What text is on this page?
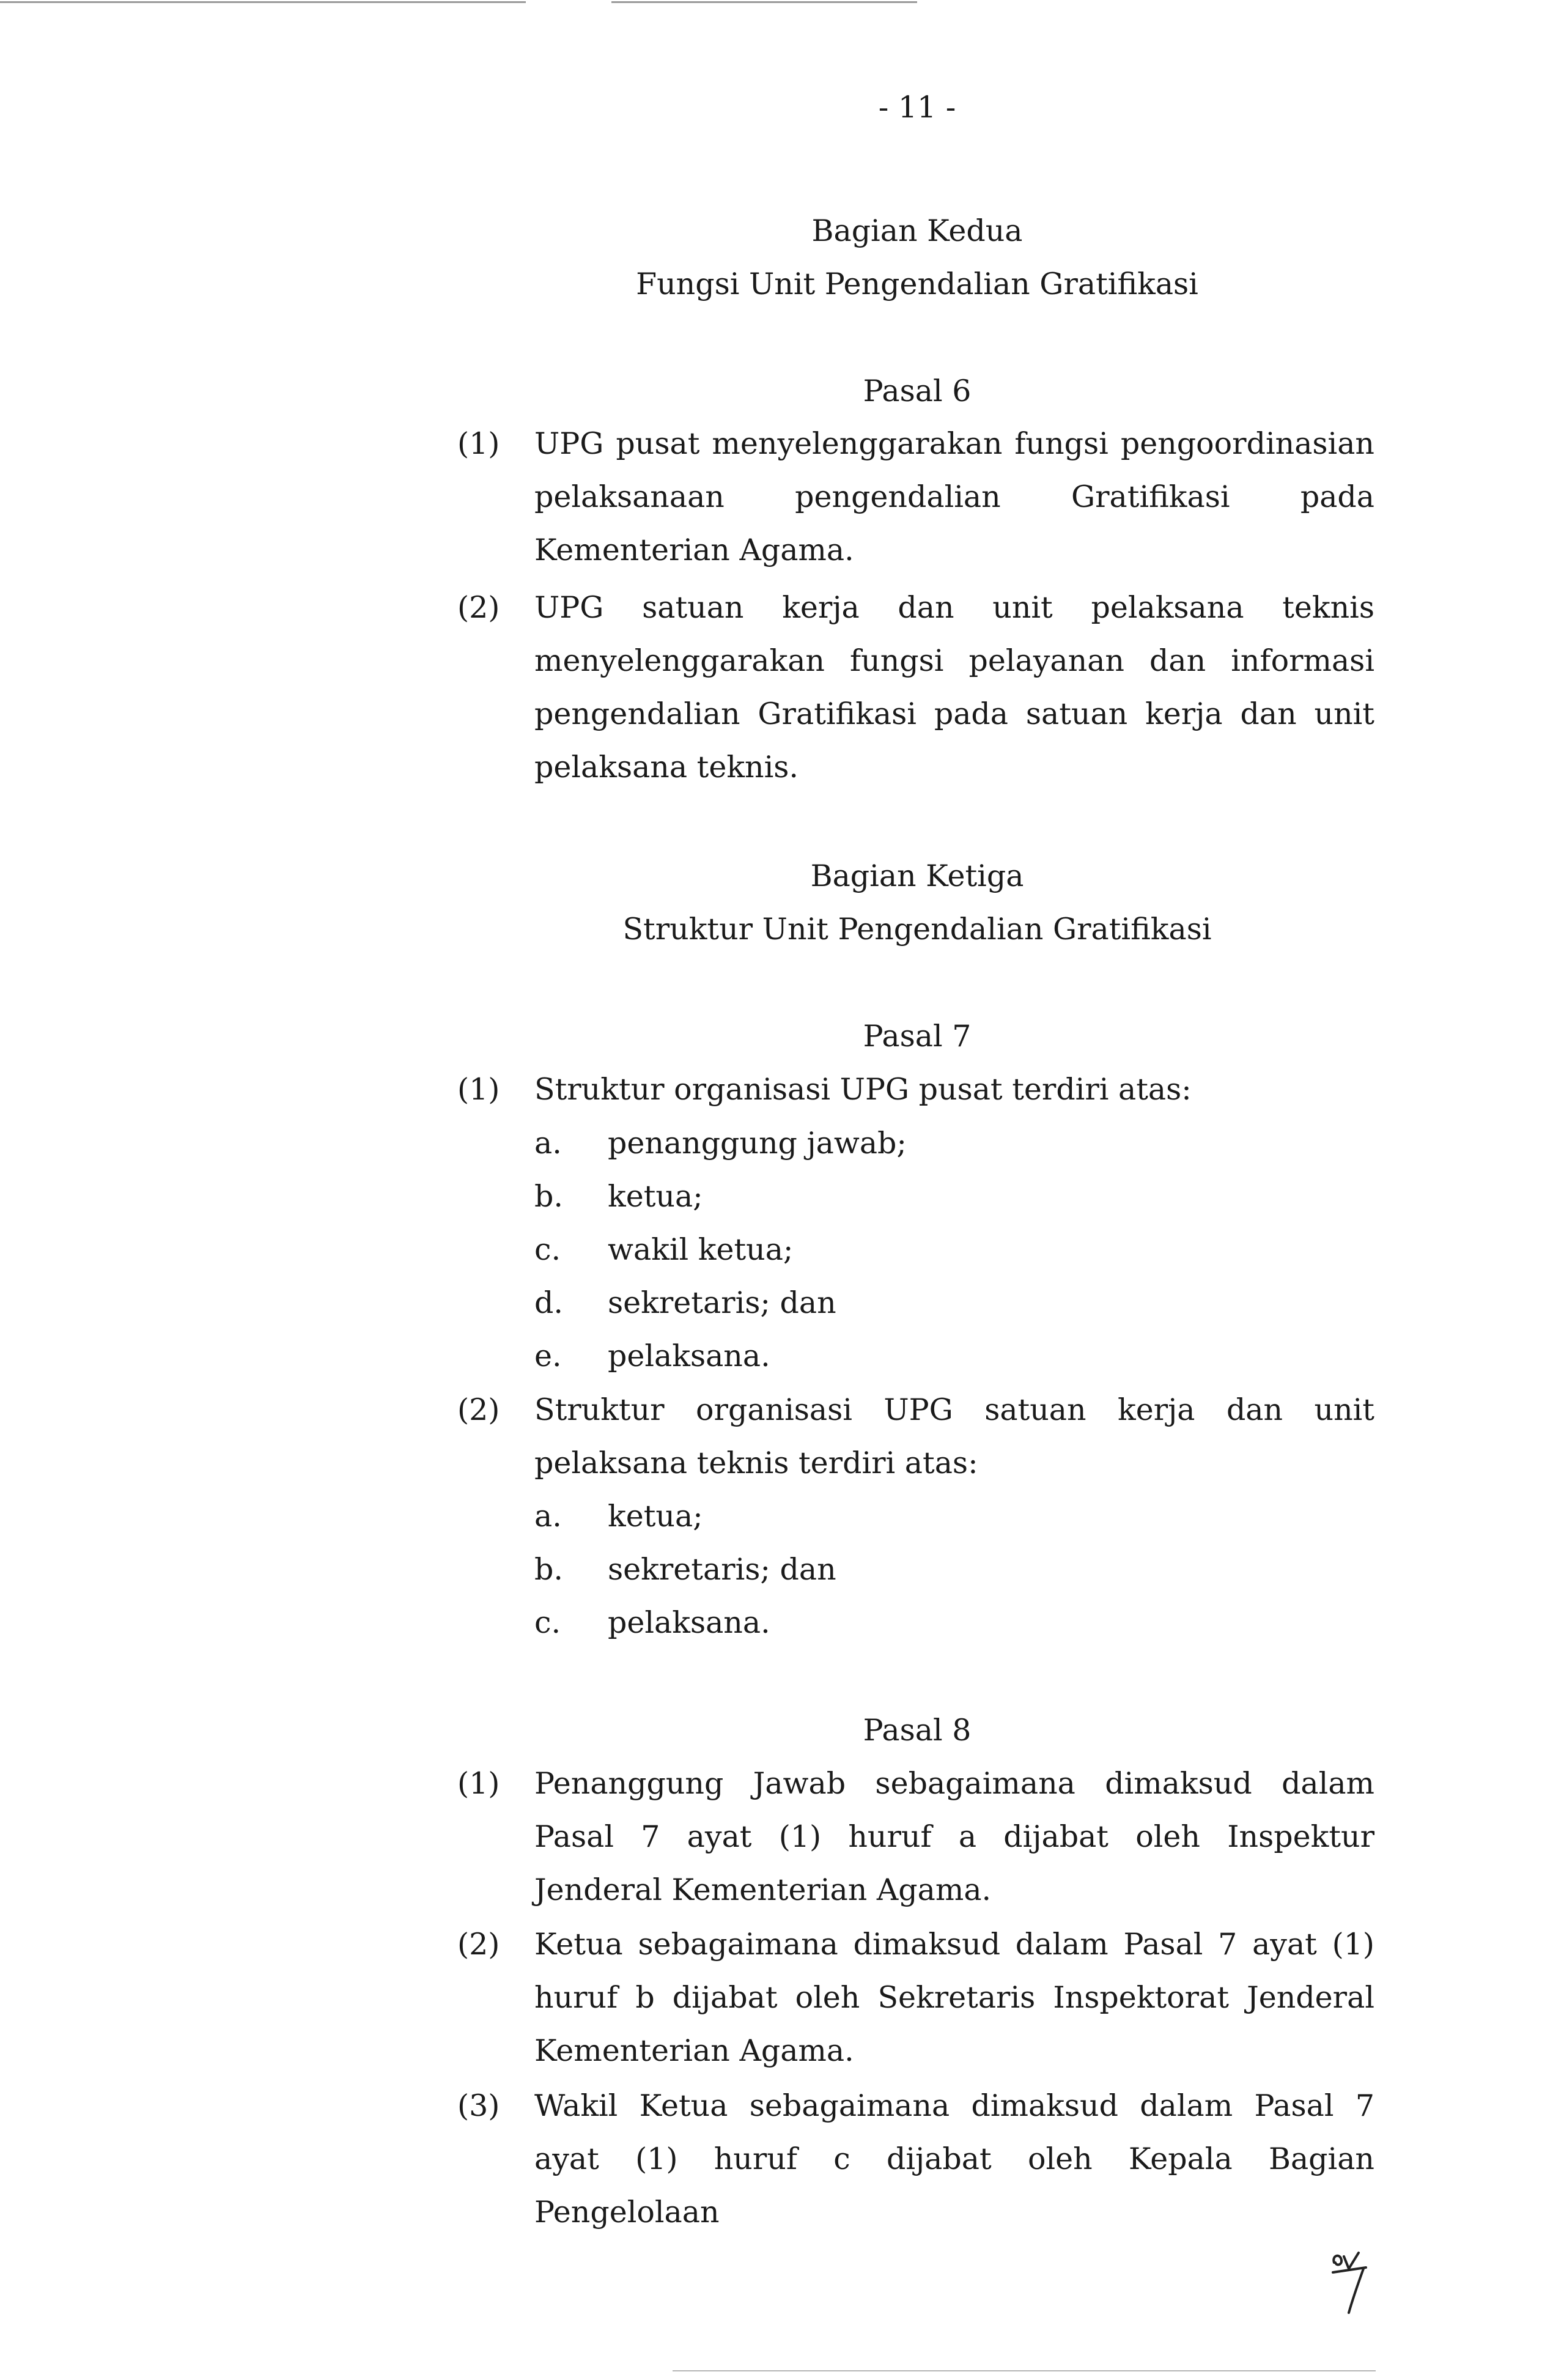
- 11 -
Bagian Kedua
Fungsi Unit Pengendalian Gratifikasi
Pasal 6
(1)	UPG pusat menyelenggarakan fungsi pengoordinasian
pelaksanaan pengendalian Gratifikasi pada
Kementerian Agama.
(2)	UPG satuan kerja dan unit pelaksana teknis
menyelenggarakan fungsi pelayanan dan informasi
pengendalian Gratifikasi pada satuan kerja dan unit
pelaksana teknis.
Bagian Ketiga
Struktur Unit Pengendalian Gratifikasi
Pasal 7
(1)	Struktur organisasi UPG pusat terdiri atas:
a.	penanggung jawab;
b.	ketua;
c.	wakil ketua;
d.	sekretaris; dan
e.	pelaksana.
(2)	Struktur organisasi UPG satuan kerja dan unit
pelaksana teknis terdiri atas:
a.	ketua;
b.	sekretaris; dan
c.	pelaksana.
Pasal 8
(1)	Penanggung Jawab sebagaimana dimaksud dalam
Pasal 7 ayat (1) huruf a dijabat oleh Inspektur
Jenderal Kementerian Agama.
(2)	Ketua sebagaimana dimaksud dalam Pasal 7 ayat (1)
huruf b dijabat oleh Sekretaris Inspektorat Jenderal
Kementerian Agama.
(3)	Wakil Ketua sebagaimana dimaksud dalam Pasal 7
ayat (1) huruf c dijabat oleh Kepala Bagian Pengelolaan
